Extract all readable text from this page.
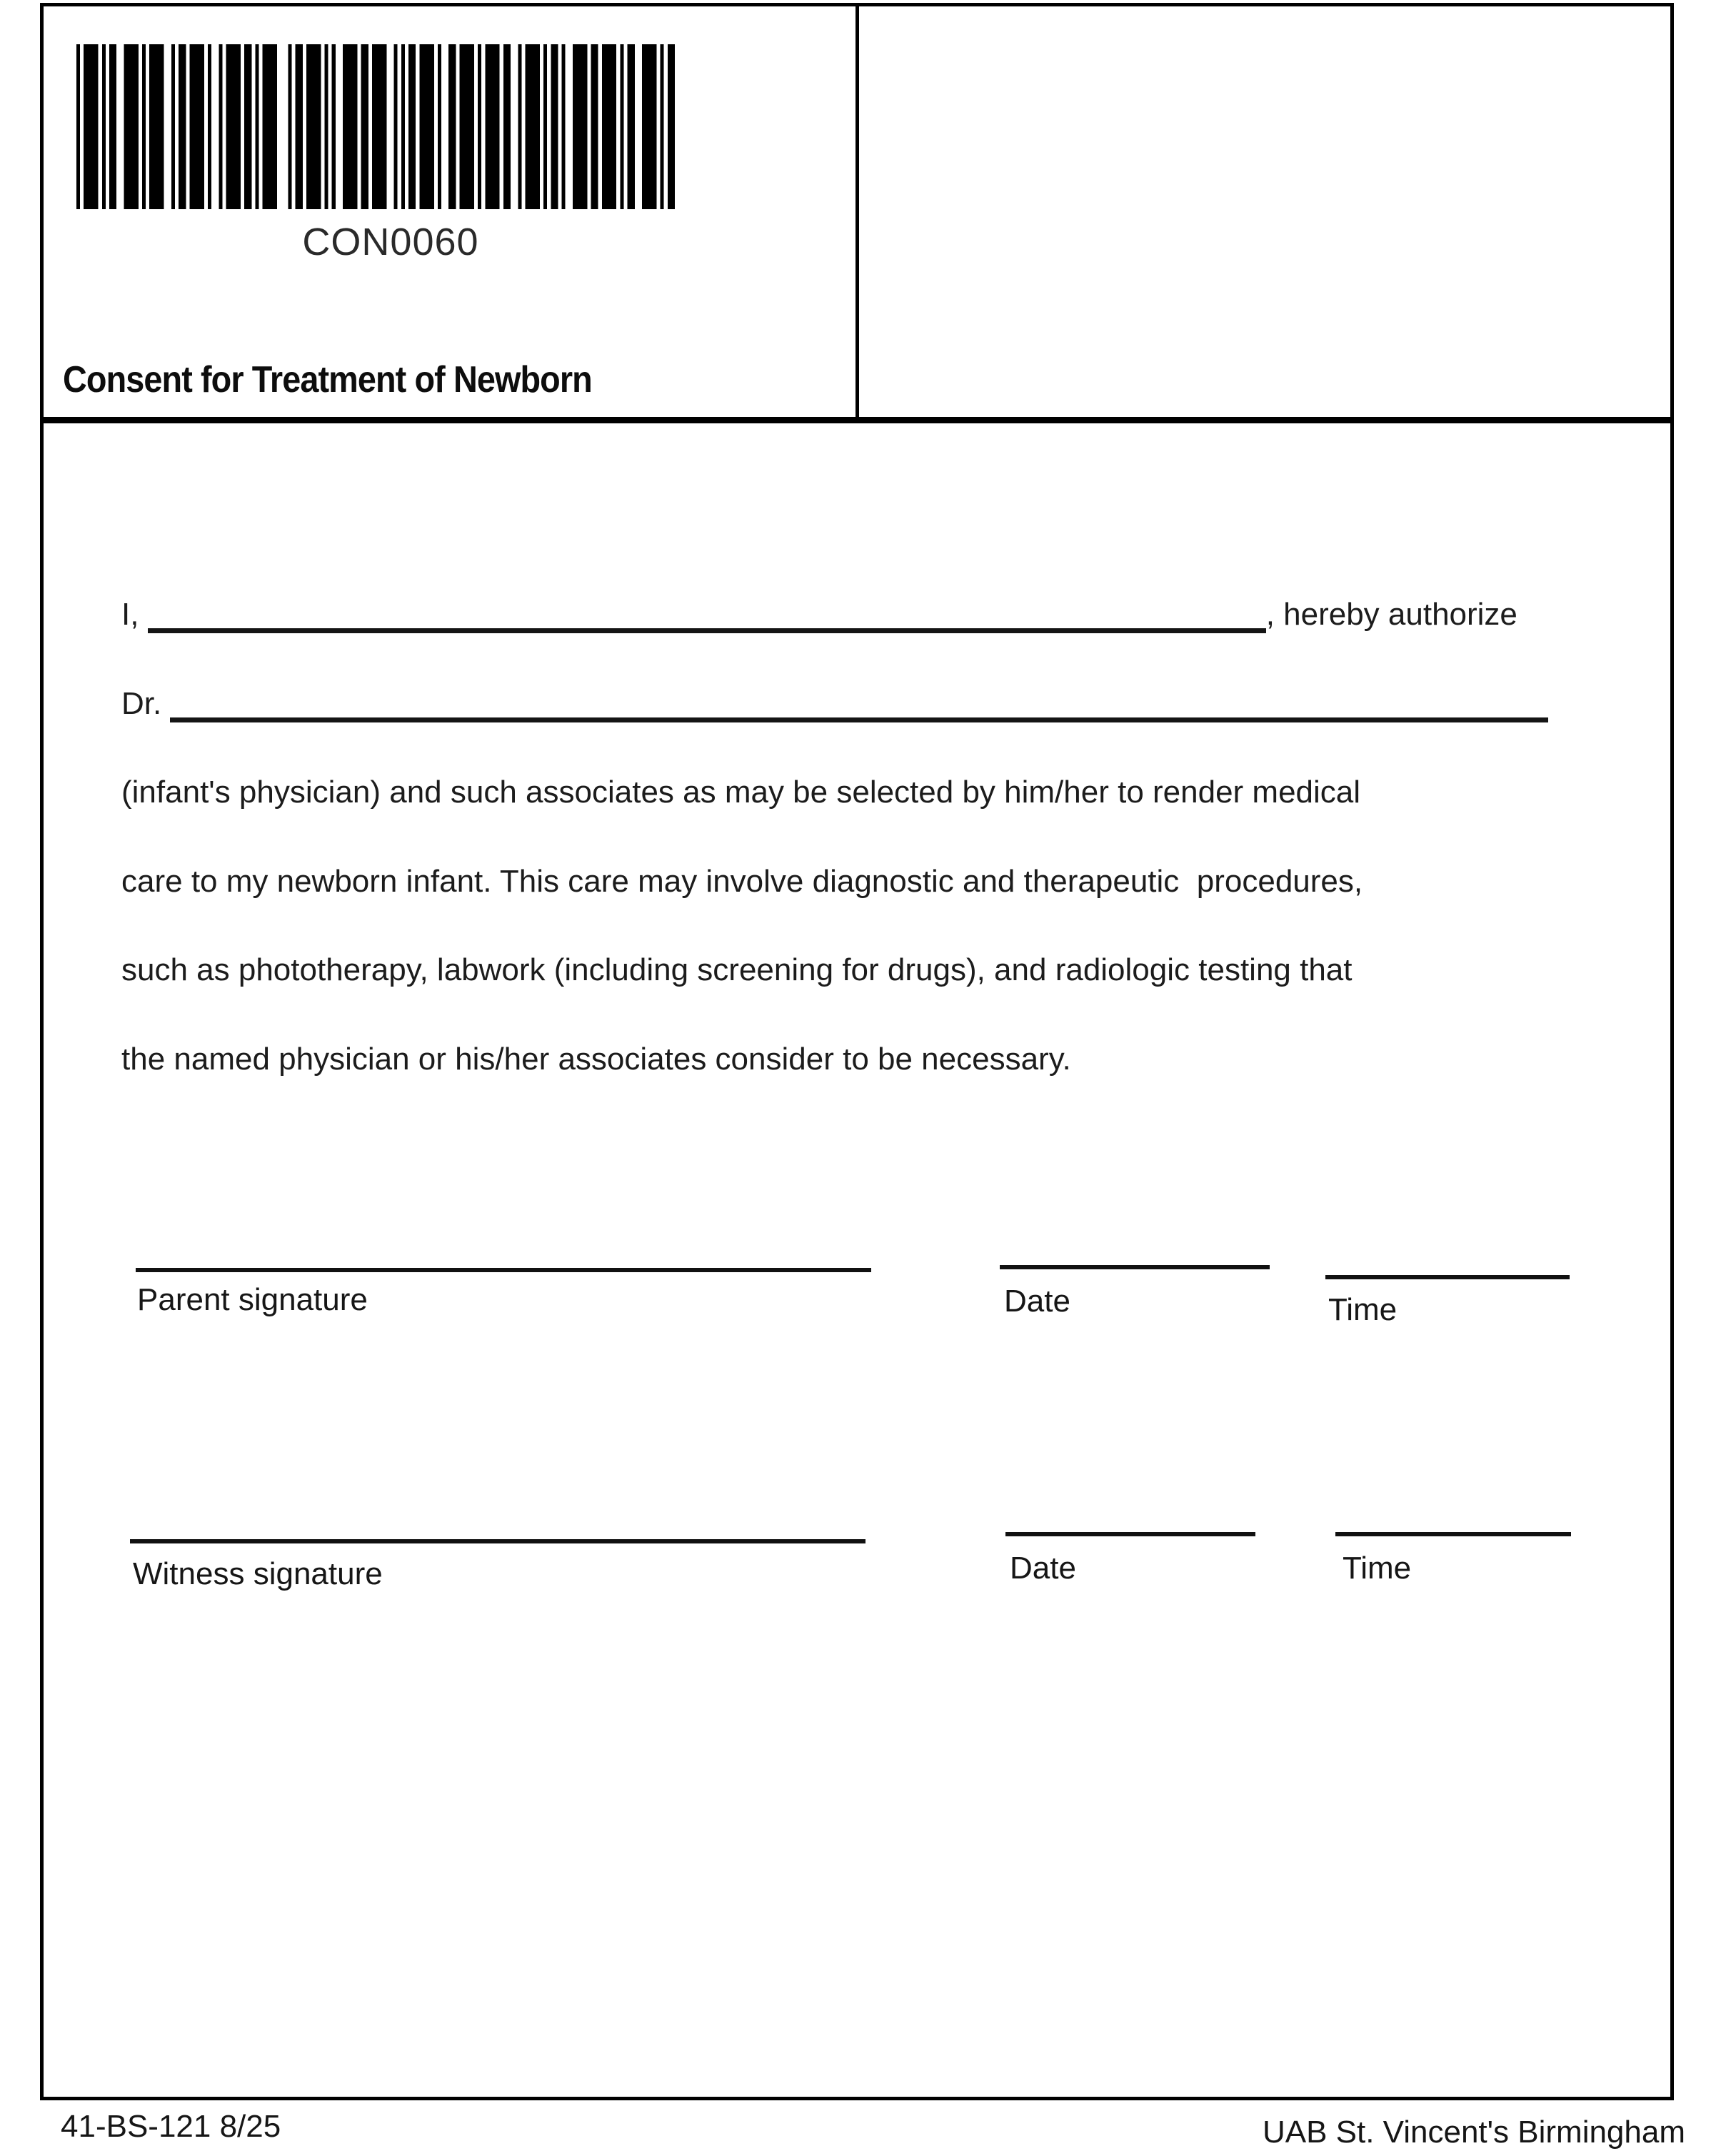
CON0060
Consent for Treatment of Newborn
I,	, hereby authorize
Dr.
(infant's physician) and such associates as may be selected by him/her to render medical
care to my newborn infant. This care may involve diagnostic and therapeutic  procedures,
such as phototherapy, labwork (including screening for drugs), and radiologic testing that
the named physician or his/her associates consider to be necessary.
Parent signature	Date	Time
Witness signature	Date	Time
41-BS-121 8/25	UAB St. Vincent's Birmingham
